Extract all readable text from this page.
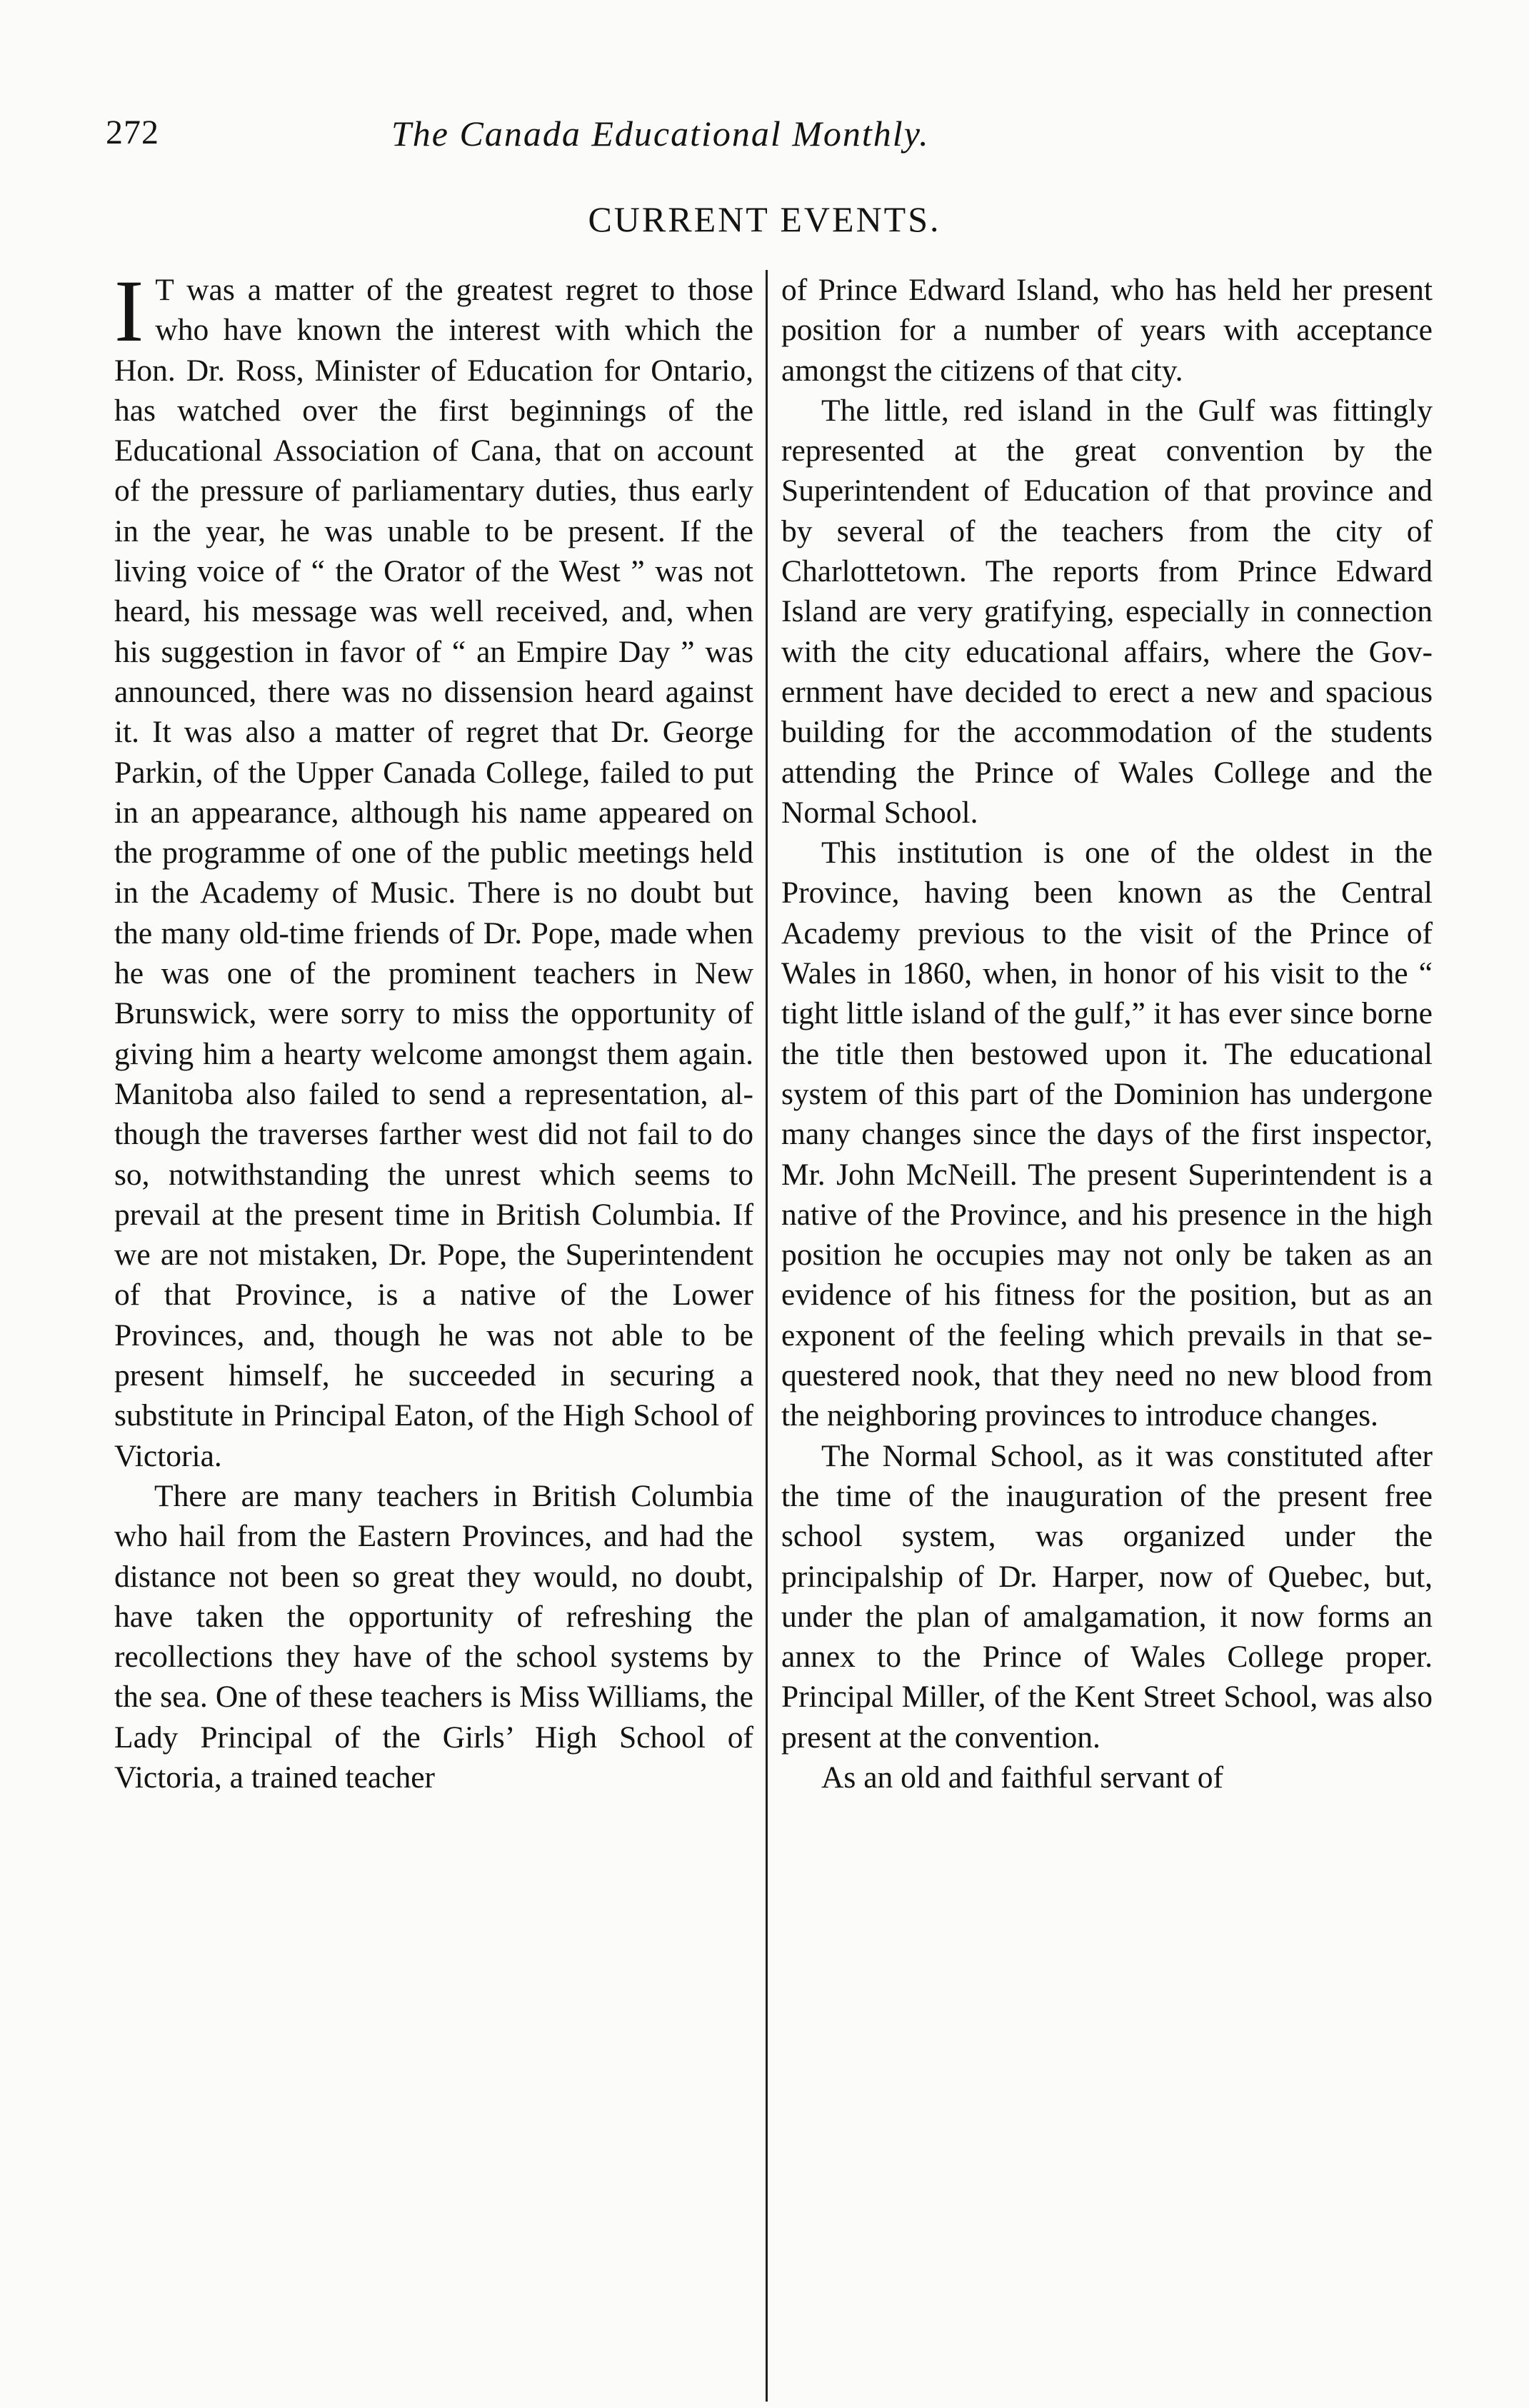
272	The Canada Educational Monthly.
CURRENT EVENTS.

I T was a matter of the greatest regret to those who have known the interest with which the Hon. Dr. Ross, Minister of Education for Ontario, has watched over the first beginnings of the Educational Association of Cana, that on account of the pressure of parliamentary duties, thus early in the year, he was unable to be present. If the living voice of “ the Orator of the West ” was not heard, his message was well received, and, when his suggestion in favor of “ an Empire Day ” was announced, there was no dissension heard against it. It was also a matter of regret that Dr. George Parkin, of the Upper Canada College, failed to put in an appearance, although his name appeared on the programme of one of the public meetings held in the Academy of Music. There is no doubt but the many old-time friends of Dr. Pope, made when he was one of the prominent teachers in New Brunswick, were sorry to miss the opportunity of giving him a hearty welcome amongst them again. Manitoba also failed to send a representation, although the traverses farther west did not fail to do so, notwithstanding the unrest which seems to prevail at the present time in British Columbia. If we are not mistaken, Dr. Pope, the Superintendent of that Province, is a native of the Lower Provinces, and, though he was not able to be present himself, he succeeded in securing a substitute in Principal Eaton, of the High School of Victoria.

There are many teachers in British Columbia who hail from the Eastern Provinces, and had the distance not been so great they would, no doubt, have taken the opportunity of refreshing the recollections they have of the school systems by the sea. One of these teachers is Miss Williams, the Lady Principal of the Girls’ High School of Victoria, a trained teacher

of Prince Edward Island, who has held her present position for a number of years with acceptance amongst the citizens of that city.

The little, red island in the Gulf was fittingly represented at the great convention by the Superintendent of Education of that province and by several of the teachers from the city of Charlottetown. The reports from Prince Edward Island are very gratifying, especially in connection with the city educational affairs, where the Government have decided to erect a new and spacious building for the accommodation of the students attending the Prince of Wales College and the Normal School.

This institution is one of the oldest in the Province, having been known as the Central Academy previous to the visit of the Prince of Wales in 1860, when, in honor of his visit to the “ tight little island of the gulf,” it has ever since borne the title then bestowed upon it. The educational system of this part of the Dominion has undergone many changes since the days of the first inspector, Mr. John McNeill. The present Superintendent is a native of the Province, and his presence in the high position he occupies may not only be taken as an evidence of his fitness for the position, but as an exponent of the feeling which prevails in that sequestered nook, that they need no new blood from the neighboring provinces to introduce changes.

The Normal School, as it was constituted after the time of the inauguration of the present free school system, was organized under the principalship of Dr. Harper, now of Quebec, but, under the plan of amalgamation, it now forms an annex to the Prince of Wales College proper. Principal Miller, of the Kent Street School, was also present at the convention.

As an old and faithful servant of
